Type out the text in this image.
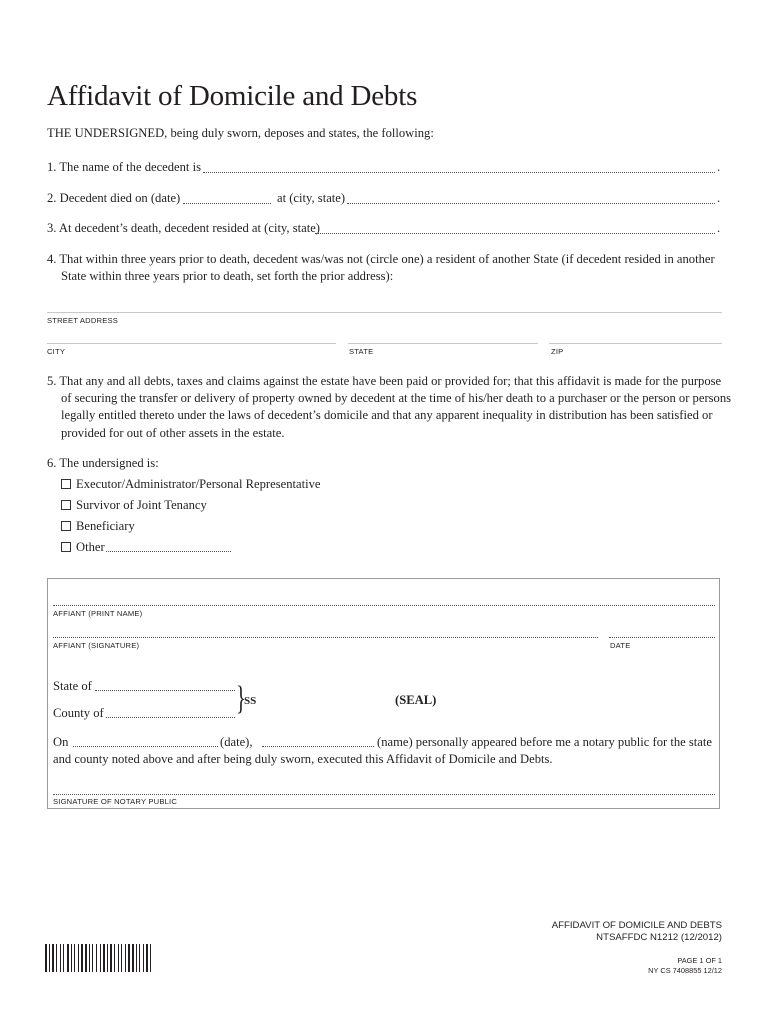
Affidavit of Domicile and Debts
THE UNDERSIGNED, being duly sworn, deposes and states, the following:
1. The name of the decedent is	.
2. Decedent died on (date)	at (city, state)	.
3. At decedent’s death, decedent resided at (city, state)	.
4. That within three years prior to death, decedent was/was not (circle one) a resident of another State (if decedent resided in another
State within three years prior to death, set forth the prior address):
STREET ADDRESS
CITY	STATE	ZIP
5. That any and all debts, taxes and claims against the estate have been paid or provided for; that this affidavit is made for the purpose
of securing the transfer or delivery of property owned by decedent at the time of his/her death to a purchaser or the person or persons
legally entitled thereto under the laws of decedent’s domicile and that any apparent inequality in distribution has been satisfied or
provided for out of other assets in the estate.
6. The undersigned is:
Executor/Administrator/Personal Representative
Survivor of Joint Tenancy
Beneficiary
Other
AFFIANT (PRINT NAME)
AFFIANT (SIGNATURE)	DATE
State of
County of	}
SS	(SEAL)
On	(date),	(name) personally appeared before me a notary public for the state
and county noted above and after being duly sworn, executed this Affidavit of Domicile and Debts.
SIGNATURE OF NOTARY PUBLIC
AFFIDAVIT OF DOMICILE AND DEBTS
NTSAFFDC N1212 (12/2012)
PAGE 1 OF 1
NY CS 7408855 12/12
